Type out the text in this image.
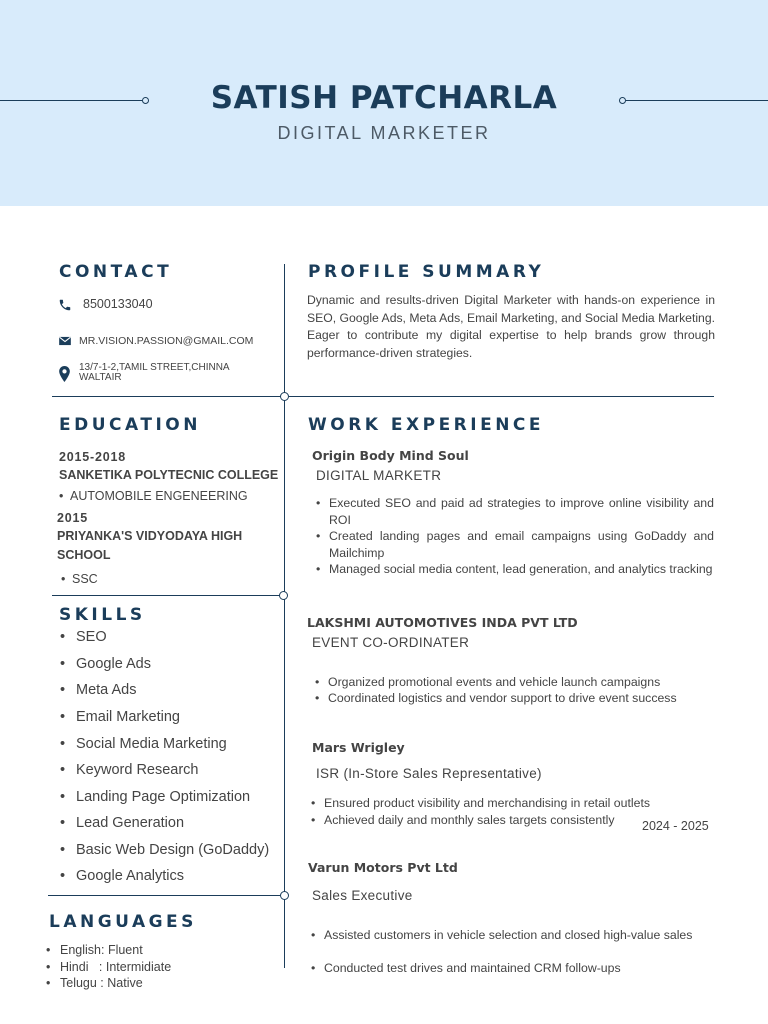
SATISH PATCHARLA
DIGITAL MARKETER
CONTACT
8500133040
MR.VISION.PASSION@GMAIL.COM
13/7-1-2,TAMIL STREET,CHINNA
WALTAIR
EDUCATION
2015-2018
SANKETIKA POLYTECNIC COLLEGE
• AUTOMOBILE ENGENEERING
2015
PRIYANKA'S VIDYODAYA HIGH
SCHOOL
• SSC
SKILLS
• SEO
• Google Ads
• Meta Ads
• Email Marketing
• Social Media Marketing
• Keyword Research
• Landing Page Optimization
• Lead Generation
• Basic Web Design (GoDaddy)
• Google Analytics
LANGUAGES
• English: Fluent
• Hindi   : Intermidiate
• Telugu : Native
PROFILE SUMMARY
Dynamic and results-driven Digital Marketer with hands-on experience in SEO, Google Ads, Meta Ads, Email Marketing, and Social Media Marketing. Eager to contribute my digital expertise to help brands grow through performance-driven strategies.
WORK EXPERIENCE
Origin Body Mind Soul
DIGITAL MARKETR
• Executed SEO and paid ad strategies to improve online visibility and ROI
• Created landing pages and email campaigns using GoDaddy and Mailchimp
• Managed social media content, lead generation, and analytics tracking
LAKSHMI AUTOMOTIVES INDA PVT LTD
EVENT CO-ORDINATER
• Organized promotional events and vehicle launch campaigns
• Coordinated logistics and vendor support to drive event success
Mars Wrigley
ISR (In-Store Sales Representative)
• Ensured product visibility and merchandising in retail outlets
• Achieved daily and monthly sales targets consistently	2024 - 2025
Varun Motors Pvt Ltd
Sales Executive
• Assisted customers in vehicle selection and closed high-value sales
• Conducted test drives and maintained CRM follow-ups
